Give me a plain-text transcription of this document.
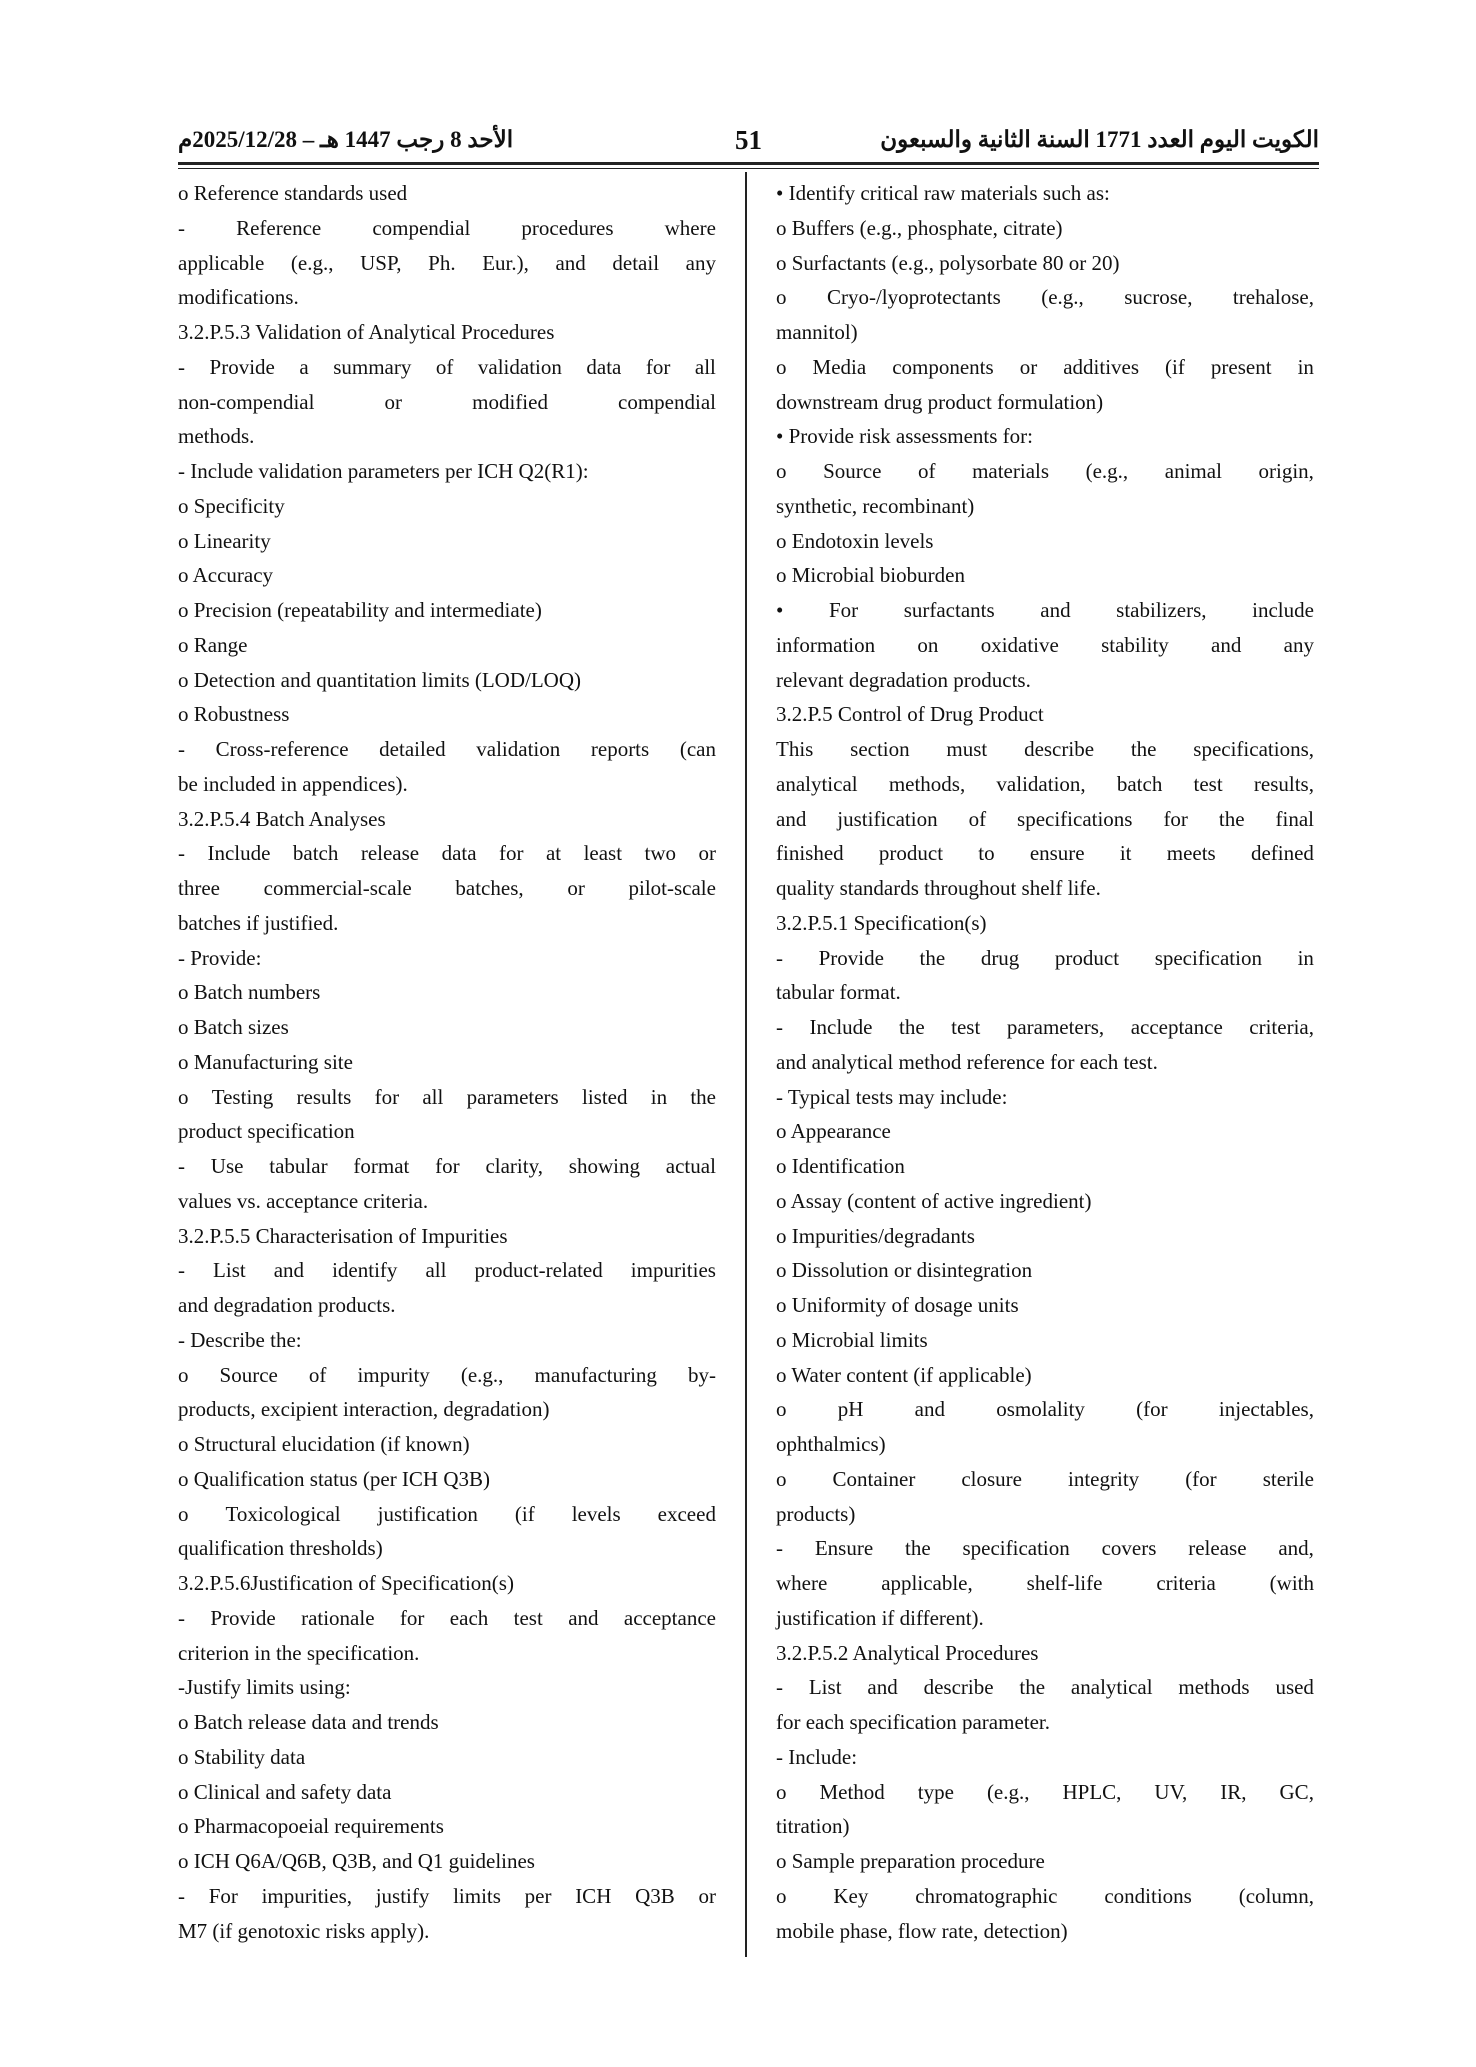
الأحد 8 رجب 1447 هـ – 2025/12/28م	51	الكويت اليوم العدد 1771 السنة الثانية والسبعون
o Reference standards used
- Reference compendial procedures where
applicable (e.g., USP, Ph. Eur.), and detail any
modifications.
3.2.P.5.3 Validation of Analytical Procedures
- Provide a summary of validation data for all
non-compendial	or	modified	compendial
methods.
- Include validation parameters per ICH Q2(R1):
o Specificity
o Linearity
o Accuracy
o Precision (repeatability and intermediate)
o Range
o Detection and quantitation limits (LOD/LOQ)
o Robustness
- Cross-reference detailed validation reports (can
be included in appendices).
3.2.P.5.4 Batch Analyses
- Include batch release data for at least two or
three commercial-scale batches, or pilot-scale
batches if justified.
- Provide:
o Batch numbers
o Batch sizes
o Manufacturing site
o Testing results for all parameters listed in the
product specification
- Use tabular format for clarity, showing actual
values vs. acceptance criteria.
3.2.P.5.5 Characterisation of Impurities
- List and identify all product-related impurities
and degradation products.
- Describe the:
o Source of impurity (e.g., manufacturing by-
products, excipient interaction, degradation)
o Structural elucidation (if known)
o Qualification status (per ICH Q3B)
o Toxicological justification (if levels exceed
qualification thresholds)
3.2.P.5.6Justification of Specification(s)
- Provide rationale for each test and acceptance
criterion in the specification.
-Justify limits using:
o Batch release data and trends
o Stability data
o Clinical and safety data
o Pharmacopoeial requirements
o ICH Q6A/Q6B, Q3B, and Q1 guidelines
- For impurities, justify limits per ICH Q3B or
M7 (if genotoxic risks apply).
• Identify critical raw materials such as:
o Buffers (e.g., phosphate, citrate)
o Surfactants (e.g., polysorbate 80 or 20)
o Cryo-/lyoprotectants (e.g., sucrose, trehalose,
mannitol)
o Media components or additives (if present in
downstream drug product formulation)
• Provide risk assessments for:
o Source of materials (e.g., animal origin,
synthetic, recombinant)
o Endotoxin levels
o Microbial bioburden
• For surfactants and stabilizers, include
information on oxidative stability and any
relevant degradation products.
3.2.P.5 Control of Drug Product
This section must describe the specifications,
analytical methods, validation, batch test results,
and justification of specifications for the final
finished product to ensure it meets defined
quality standards throughout shelf life.
3.2.P.5.1 Specification(s)
- Provide the drug product specification in
tabular format.
- Include the test parameters, acceptance criteria,
and analytical method reference for each test.
- Typical tests may include:
o Appearance
o Identification
o Assay (content of active ingredient)
o Impurities/degradants
o Dissolution or disintegration
o Uniformity of dosage units
o Microbial limits
o Water content (if applicable)
o pH and osmolality (for injectables,
ophthalmics)
o Container closure integrity (for sterile
products)
- Ensure the specification covers release and,
where	applicable,	shelf-life	criteria	(with
justification if different).
3.2.P.5.2 Analytical Procedures
- List and describe the analytical methods used
for each specification parameter.
- Include:
o Method type (e.g., HPLC, UV, IR, GC,
titration)
o Sample preparation procedure
o Key chromatographic conditions (column,
mobile phase, flow rate, detection)
